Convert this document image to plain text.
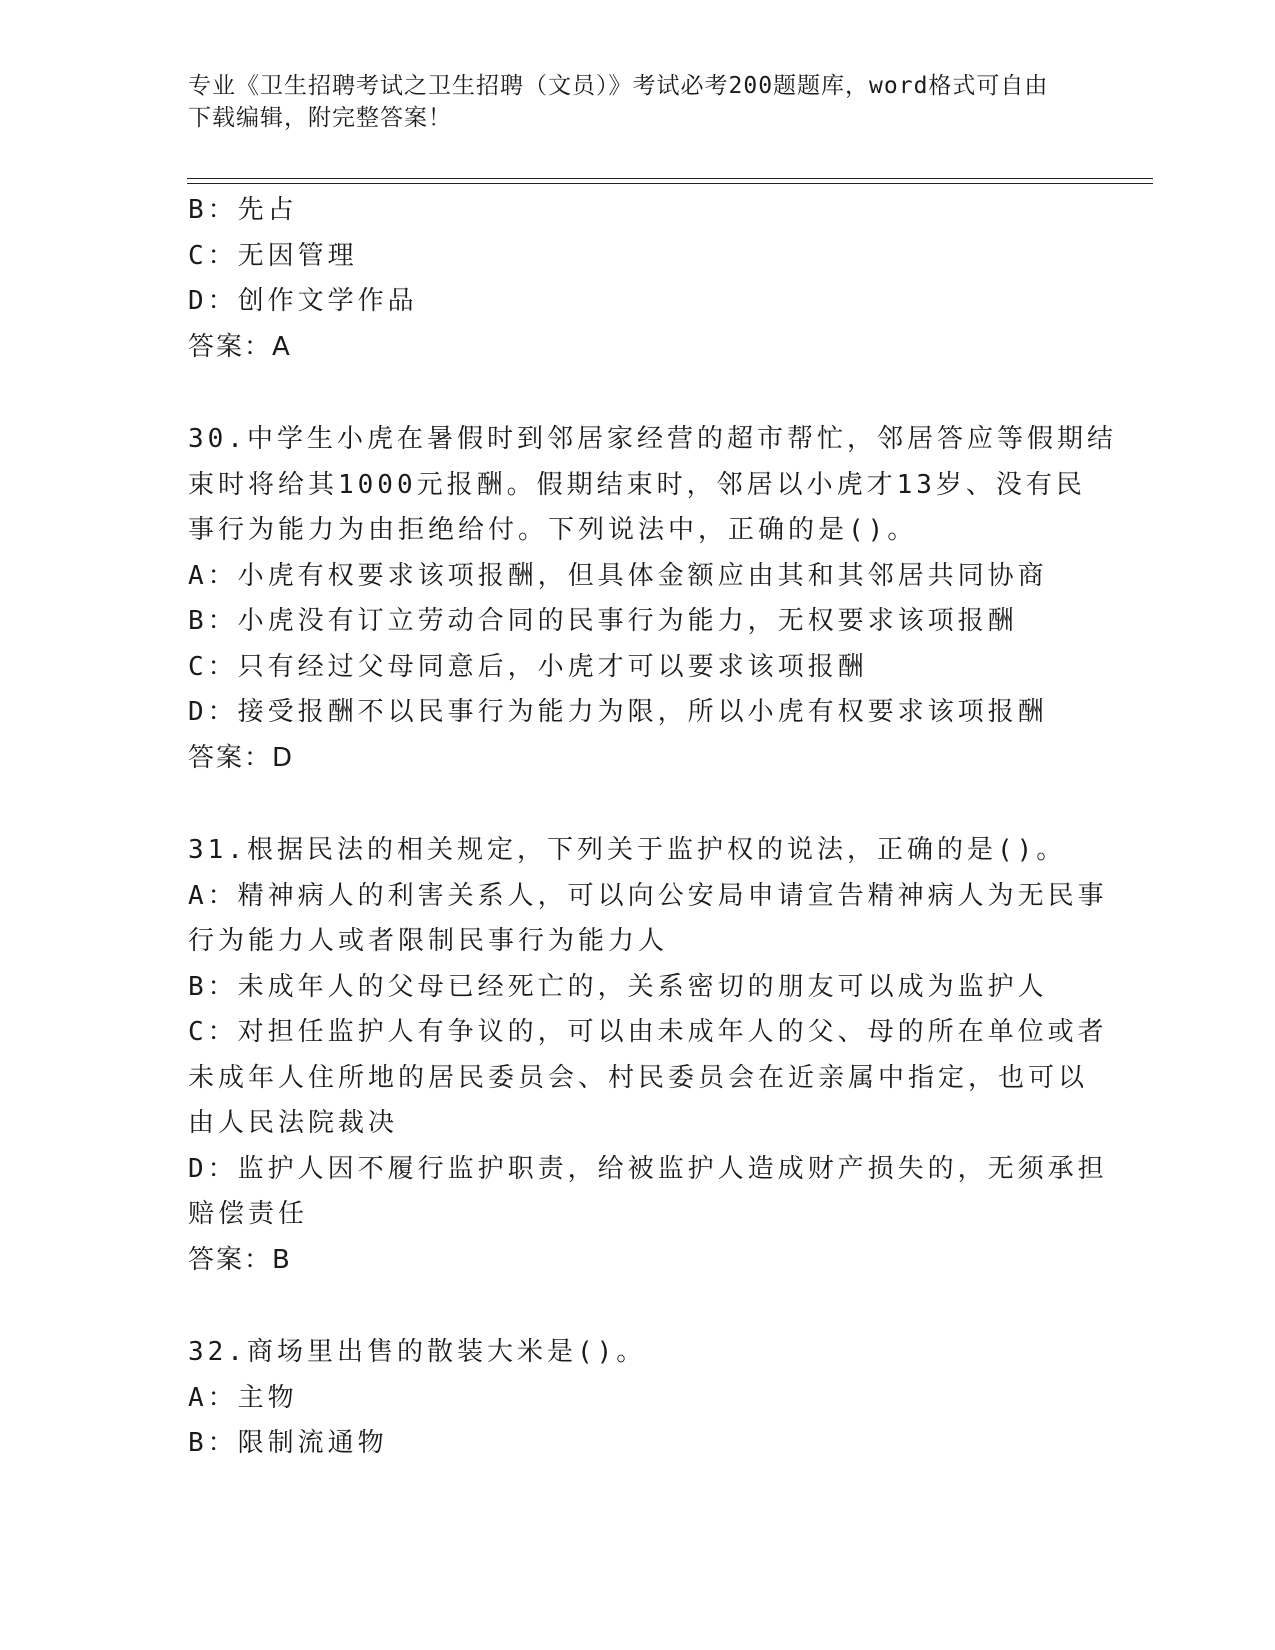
专业《卫生招聘考试之卫生招聘（文员）》考试必考200题题库，word格式可自由下载编辑，附完整答案！
B：先占
C：无因管理
D：创作文学作品
答案：A
30.中学生小虎在暑假时到邻居家经营的超市帮忙，邻居答应等假期结
束时将给其1000元报酬。假期结束时，邻居以小虎才13岁、没有民
事行为能力为由拒绝给付。下列说法中，正确的是()。
A：小虎有权要求该项报酬，但具体金额应由其和其邻居共同协商
B：小虎没有订立劳动合同的民事行为能力，无权要求该项报酬
C：只有经过父母同意后，小虎才可以要求该项报酬
D：接受报酬不以民事行为能力为限，所以小虎有权要求该项报酬
答案：D
31.根据民法的相关规定，下列关于监护权的说法，正确的是()。
A：精神病人的利害关系人，可以向公安局申请宣告精神病人为无民事
行为能力人或者限制民事行为能力人
B：未成年人的父母已经死亡的，关系密切的朋友可以成为监护人
C：对担任监护人有争议的，可以由未成年人的父、母的所在单位或者
未成年人住所地的居民委员会、村民委员会在近亲属中指定，也可以
由人民法院裁决
D：监护人因不履行监护职责，给被监护人造成财产损失的，无须承担
赔偿责任
答案：B
32.商场里出售的散装大米是()。
A：主物
B：限制流通物
